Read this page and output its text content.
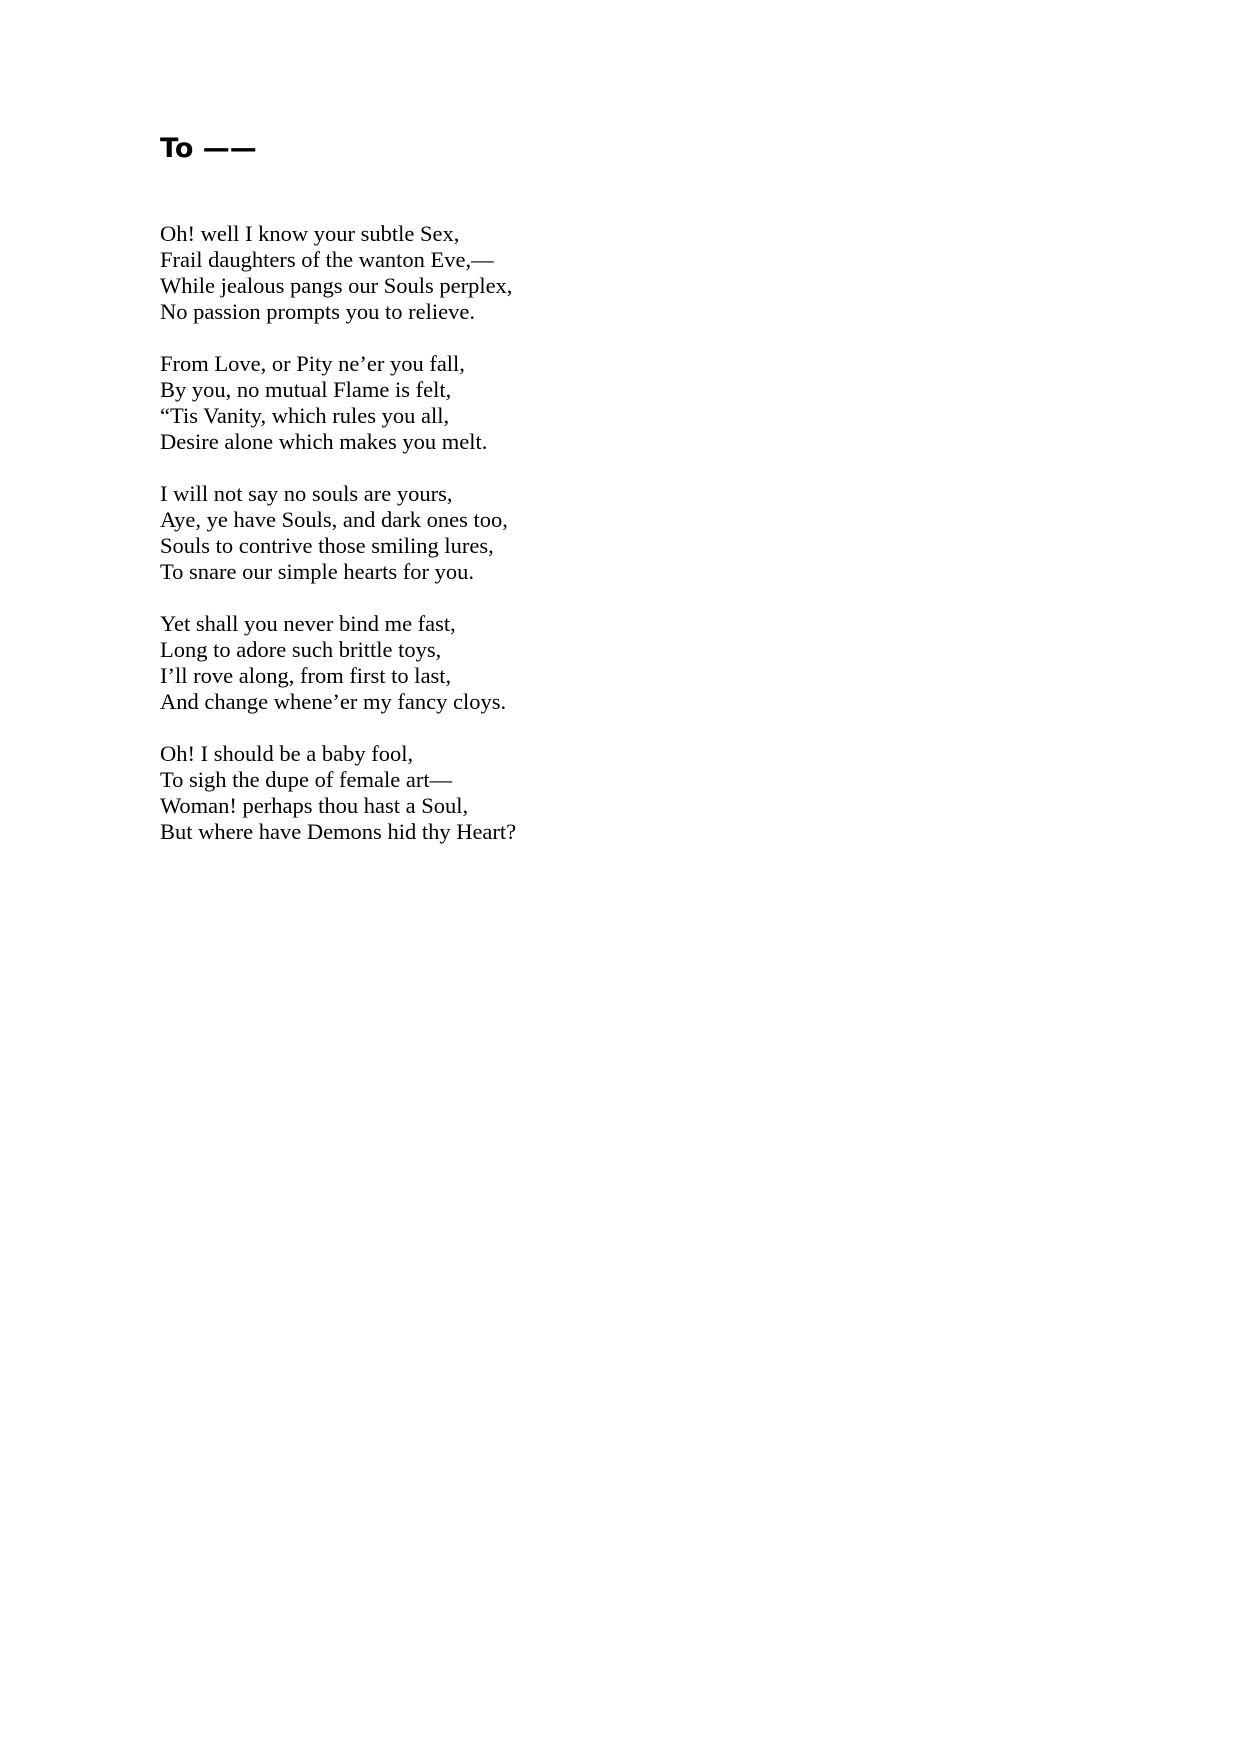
To ——
Oh! well I know your subtle Sex,
Frail daughters of the wanton Eve,—
While jealous pangs our Souls perplex,
No passion prompts you to relieve.
From Love, or Pity ne’er you fall,
By you, no mutual Flame is felt,
“Tis Vanity, which rules you all,
Desire alone which makes you melt.
I will not say no souls are yours,
Aye, ye have Souls, and dark ones too,
Souls to contrive those smiling lures,
To snare our simple hearts for you.
Yet shall you never bind me fast,
Long to adore such brittle toys,
I’ll rove along, from first to last,
And change whene’er my fancy cloys.
Oh! I should be a baby fool,
To sigh the dupe of female art—
Woman! perhaps thou hast a Soul,
But where have Demons hid thy Heart?
